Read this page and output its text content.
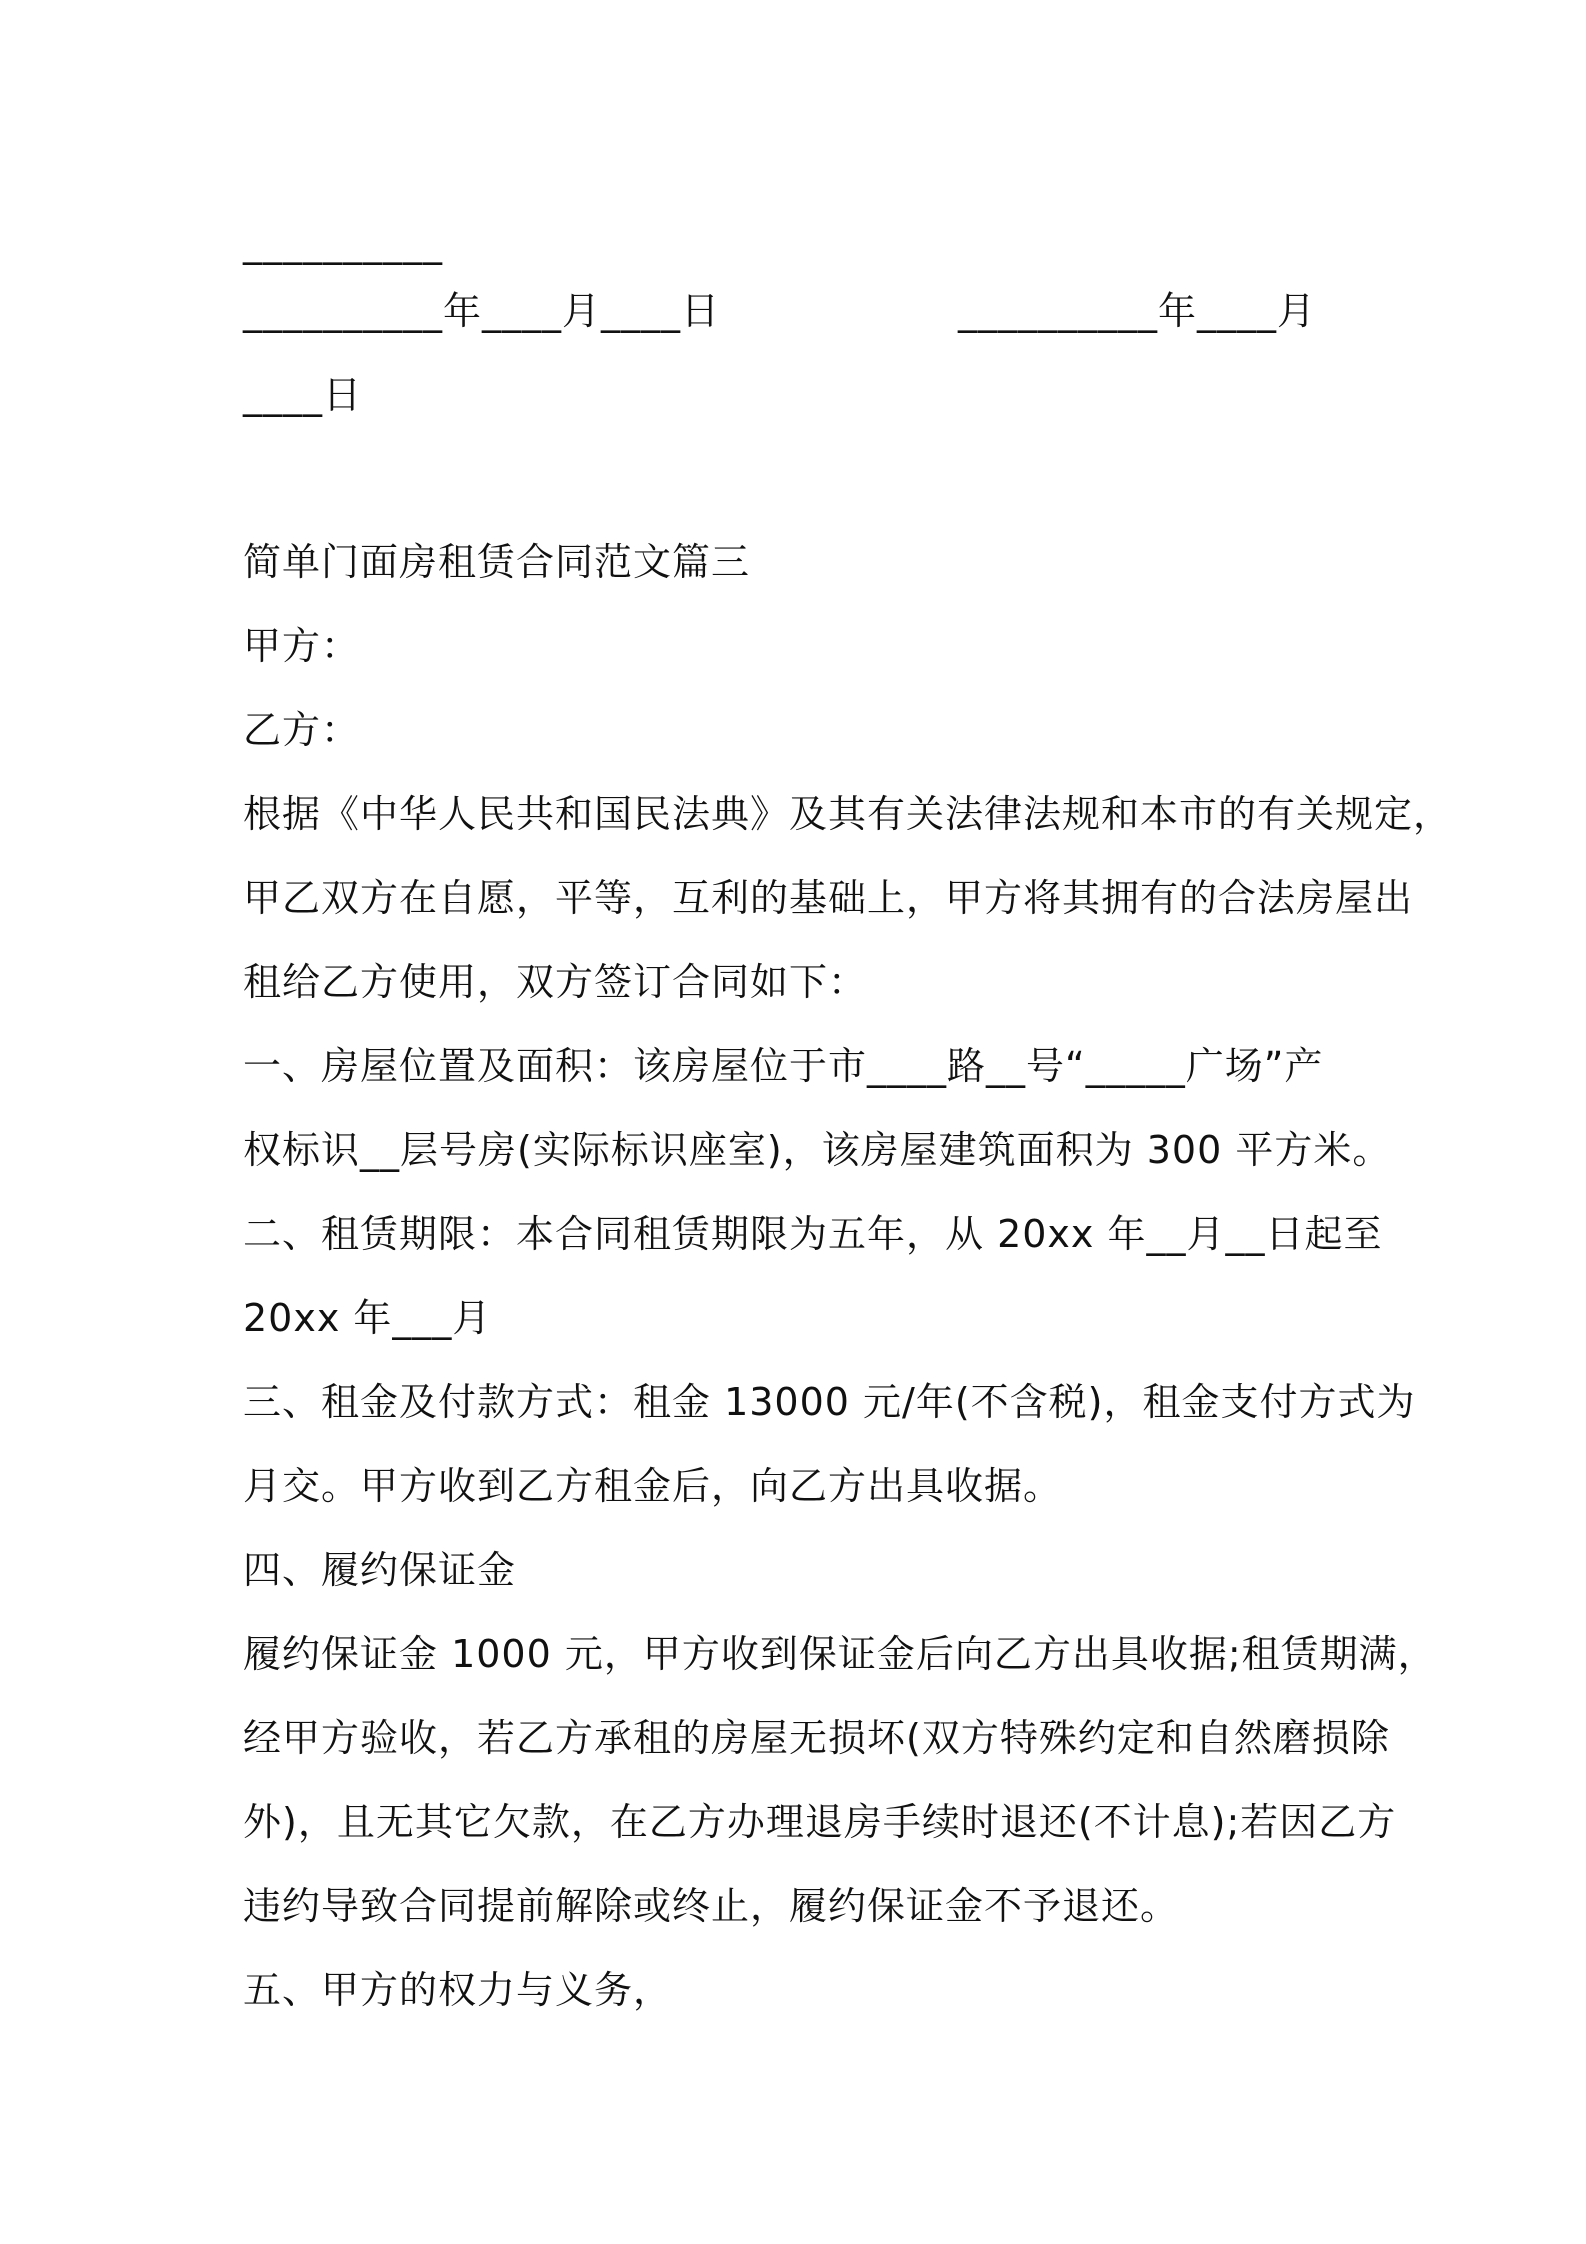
__________
__________年____月____日	__________年____月
____日
简单门面房租赁合同范文篇三
甲方：
乙方：
根据《中华人民共和国民法典》及其有关法律法规和本市的有关规定，
甲乙双方在自愿，平等，互利的基础上，甲方将其拥有的合法房屋出
租给乙方使用，双方签订合同如下：
一、房屋位置及面积：该房屋位于市____路__号“_____广场”产
权标识__层号房(实际标识座室)，该房屋建筑面积为 300 平方米。
二、租赁期限：本合同租赁期限为五年，从 20xx 年__月__日起至
20xx 年___月
三、租金及付款方式：租金 13000 元/年(不含税)，租金支付方式为
月交。甲方收到乙方租金后，向乙方出具收据。
四、履约保证金
履约保证金 1000 元，甲方收到保证金后向乙方出具收据;租赁期满，
经甲方验收，若乙方承租的房屋无损坏(双方特殊约定和自然磨损除
外)，且无其它欠款，在乙方办理退房手续时退还(不计息);若因乙方
违约导致合同提前解除或终止，履约保证金不予退还。
五、甲方的权力与义务，
